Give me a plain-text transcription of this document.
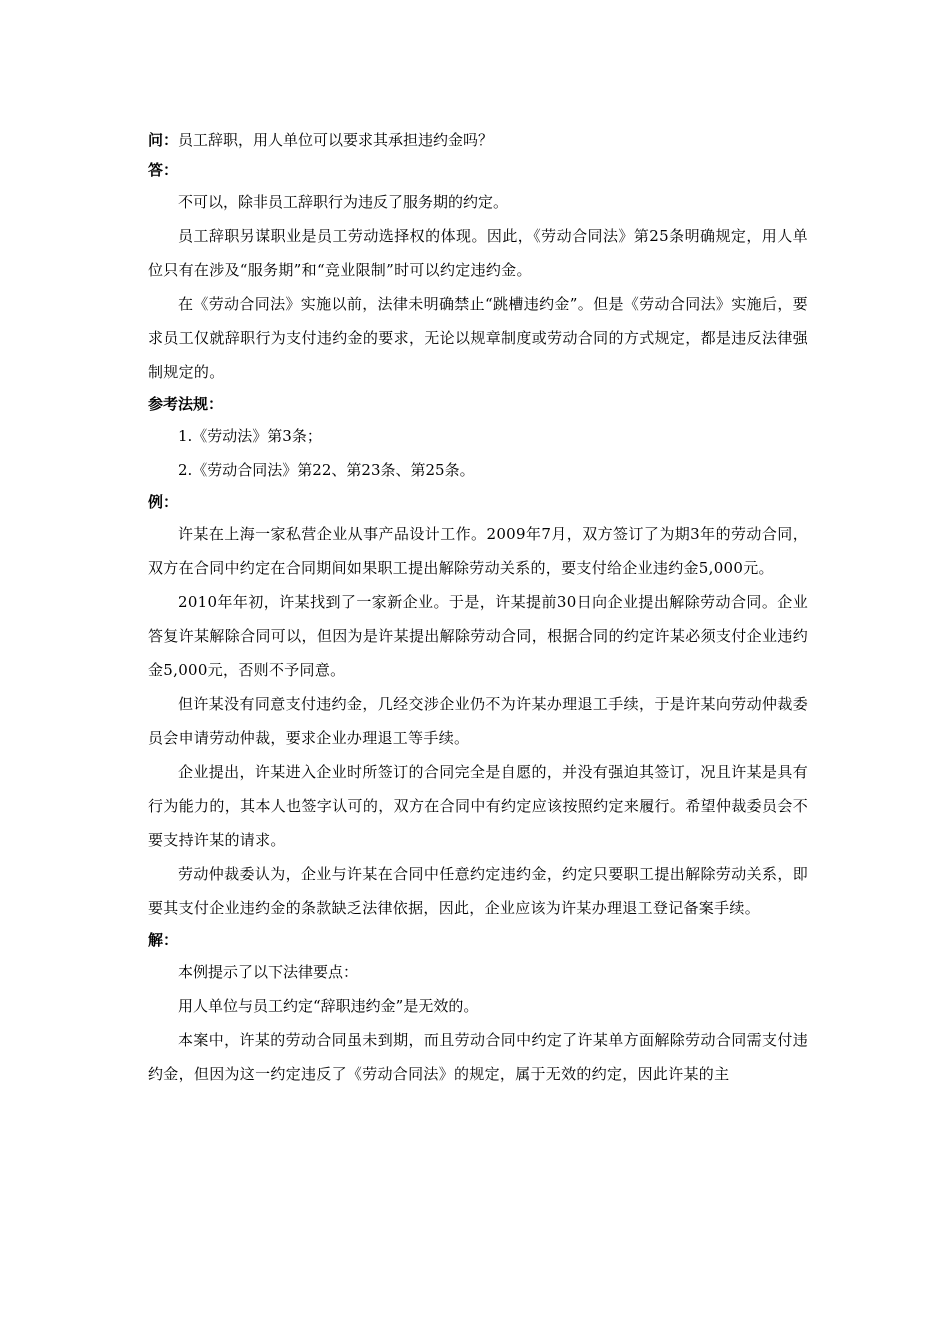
问：员工辞职，用人单位可以要求其承担违约金吗？

答：

不可以，除非员工辞职行为违反了服务期的约定。

员工辞职另谋职业是员工劳动选择权的体现。因此，《劳动合同法》第25条明确规定，用人单位只有在涉及“服务期”和“竞业限制”时可以约定违约金。

在《劳动合同法》实施以前，法律未明确禁止“跳槽违约金”。但是《劳动合同法》实施后，要求员工仅就辞职行为支付违约金的要求，无论以规章制度或劳动合同的方式规定，都是违反法律强制规定的。

参考法规：

1.《劳动法》第3条；

2.《劳动合同法》第22、第23条、第25条。

例：

许某在上海一家私营企业从事产品设计工作。2009年7月，双方签订了为期3年的劳动合同，双方在合同中约定在合同期间如果职工提出解除劳动关系的，要支付给企业违约金5,000元。

2010年年初，许某找到了一家新企业。于是，许某提前30日向企业提出解除劳动合同。企业答复许某解除合同可以，但因为是许某提出解除劳动合同，根据合同的约定许某必须支付企业违约金5,000元，否则不予同意。

但许某没有同意支付违约金，几经交涉企业仍不为许某办理退工手续，于是许某向劳动仲裁委员会申请劳动仲裁，要求企业办理退工等手续。

企业提出，许某进入企业时所签订的合同完全是自愿的，并没有强迫其签订，况且许某是具有行为能力的，其本人也签字认可的，双方在合同中有约定应该按照约定来履行。希望仲裁委员会不要支持许某的请求。

劳动仲裁委认为，企业与许某在合同中任意约定违约金，约定只要职工提出解除劳动关系，即要其支付企业违约金的条款缺乏法律依据，因此，企业应该为许某办理退工登记备案手续。

解：

本例提示了以下法律要点：

用人单位与员工约定“辞职违约金”是无效的。

本案中，许某的劳动合同虽未到期，而且劳动合同中约定了许某单方面解除劳动合同需支付违约金，但因为这一约定违反了《劳动合同法》的规定，属于无效的约定，因此许某的主
